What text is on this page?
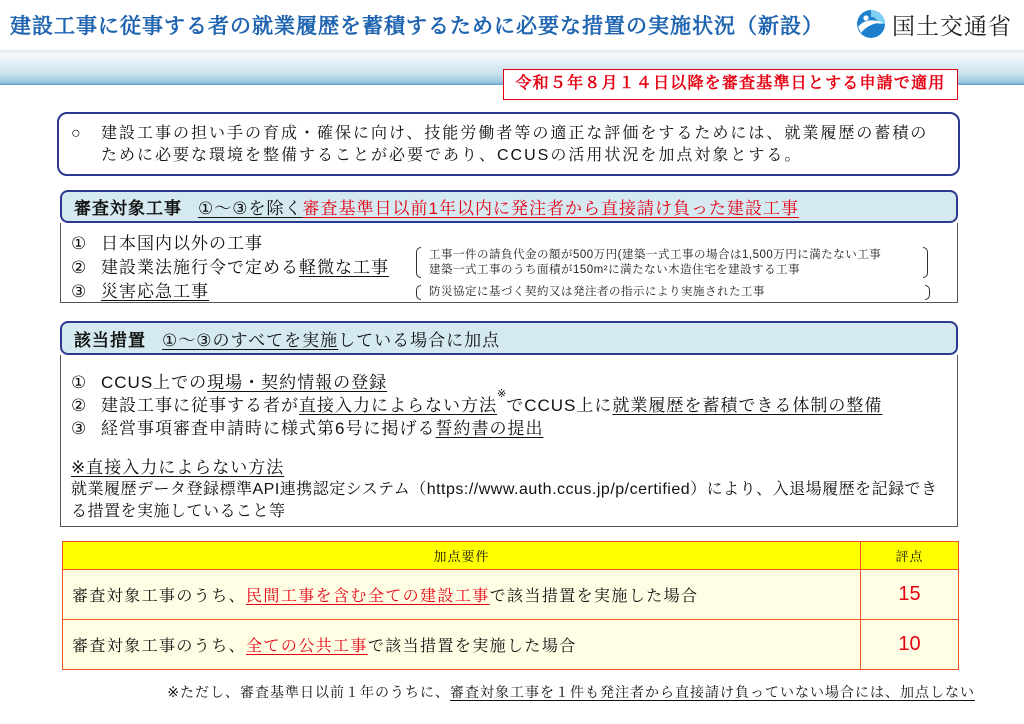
建設工事に従事する者の就業履歴を蓄積するために必要な措置の実施状況（新設）	国土交通省
令和５年８月１４日以降を審査基準日とする申請で適用
○	建設工事の担い手の育成・確保に向け、技能労働者等の適正な評価をするためには、就業履歴の蓄積のために必要な環境を整備することが必要であり、CCUSの活用状況を加点対象とする。
審査対象工事 ①～③を除く 審査基準日以前1年以内に発注者から直接請け負った建設工事
① 日本国内以外の工事
② 建設業法施行令で定める 軽微な工事
③ 災害応急工事
工事一件の請負代金の額が500万円(建築一式工事の場合は1,500万円に満たない工事
建築一式工事のうち面積が150m²に満たない木造住宅を建設する工事
防災協定に基づく契約又は発注者の指示により実施された工事
該当措置 ①～③のすべてを実施 している場合に加点
① CCUS上での 現場・契約情報の登録
② 建設工事に従事する者が 直接入力によらない方法
※
でCCUS上に 就業履歴を蓄積できる体制の整備
③ 経営事項審査申請時に様式第6号に掲げる 誓約書の提出
※直接入力によらない方法
就業履歴データ登録標準API連携認定システム（https://www.auth.ccus.jp/p/certified）により、入退場履歴を記録できる措置を実施していること等
加点要件	評点
審査対象工事のうち、民間工事を含む全ての建設工事で該当措置を実施した場合	15
審査対象工事のうち、全ての公共工事で該当措置を実施した場合	10
※ただし、審査基準日以前１年のうちに、審査対象工事を１件も発注者から直接請け負っていない場合には、加点しない
